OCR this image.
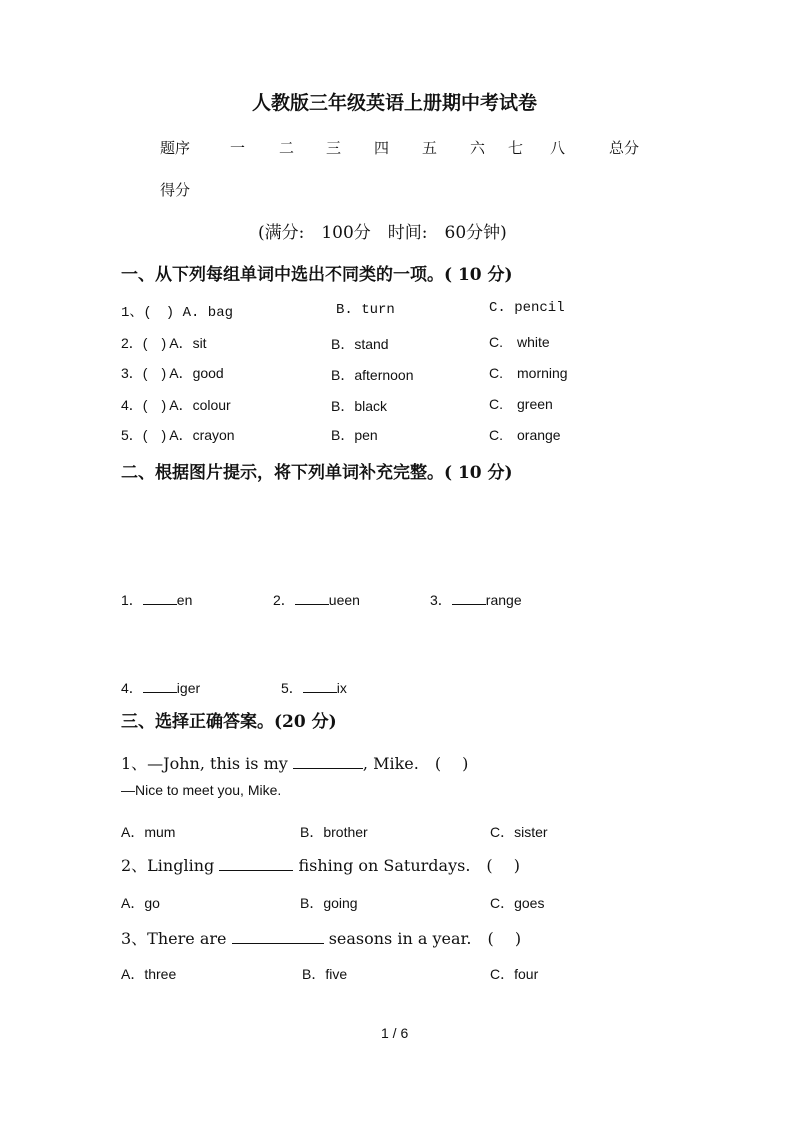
人教版三年级英语上册期中考试卷
题序	一 二 三 四 五 六 七 八	总分
得分
(满分:　100分　时间:　60分钟)
一、从下列每组单词中选出不同类的一项。( 10 分)
1、(　) A. bag	B. turn	C. pencil
2．(　) A．sit	B．stand	C.　white
3．(　) A．good	B．afternoon	C.　morning
4．(　) A．colour	B．black	C.　green
5．(　) A．crayon	B．pen	C.　orange
二、根据图片提示，将下列单词补充完整。( 10 分)
1． en	2． ueen	3． range
4． iger	5． ix
三、选择正确答案。(20 分)
1、—John, this is my	, Mike.　(　 )
—Nice to meet you, Mike.
A．mum	B．brother	C．sister
2、Lingling	fishing on Saturdays.　(　 )
A．go	B．going	C．goes
3、There are	seasons in a year.　(　 )
A．three	B．five	C．four
1 / 6
